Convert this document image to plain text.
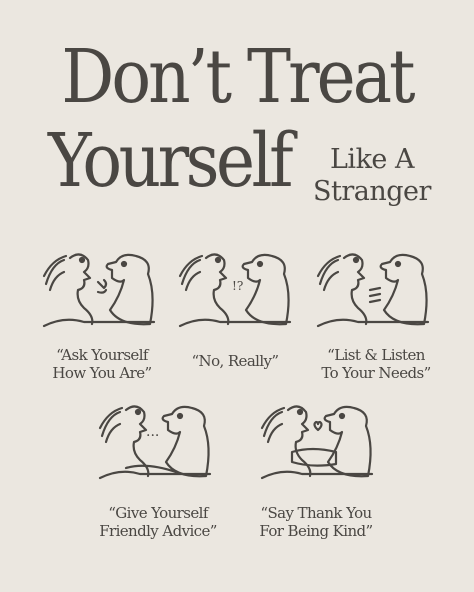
Don’t Treat
Yourself	Like A
Stranger
!?
...
“Ask Yourself
How You Are”
“No, Really”	“List & Listen
To Your Needs”
“Give Yourself
Friendly Advice”
“Say Thank You
For Being Kind”
